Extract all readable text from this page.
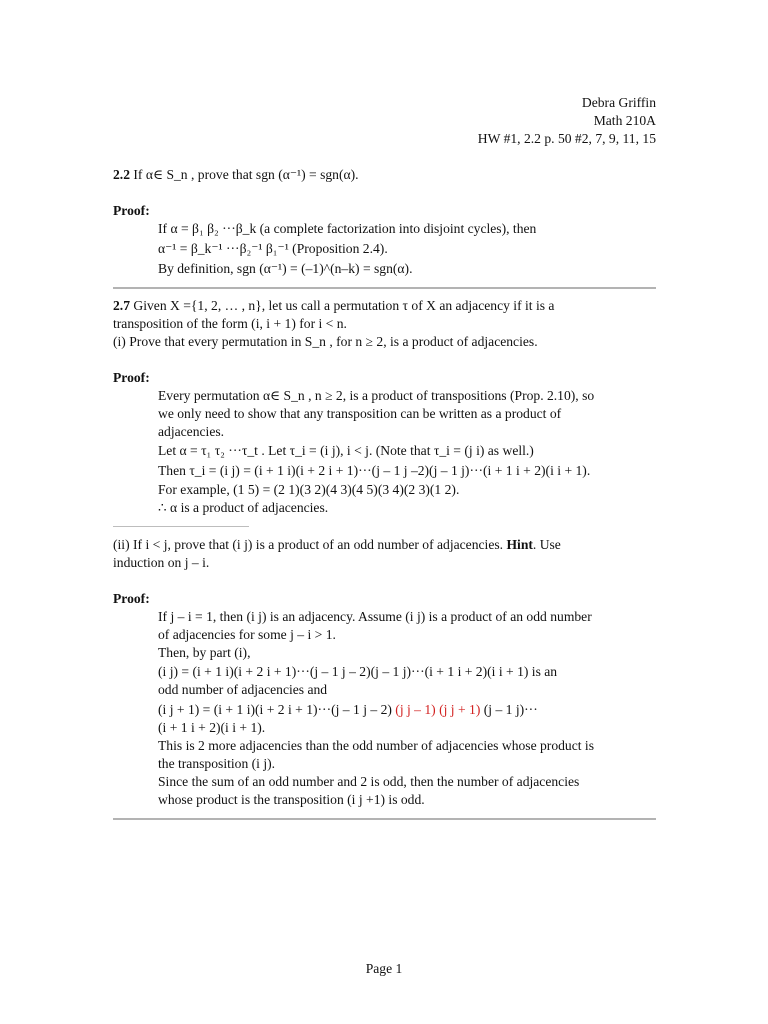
Debra Griffin
Math 210A
HW #1, 2.2 p. 50 #2, 7, 9, 11, 15
2.2 If α∈ S_n , prove that sgn (α⁻¹) = sgn(α).
Proof:
If α = β₁ β₂ ···β_k (a complete factorization into disjoint cycles), then
α⁻¹ = β_k⁻¹ ···β₂⁻¹ β₁⁻¹ (Proposition 2.4).
By definition, sgn (α⁻¹) = (–1)^(n–k) = sgn(α).
2.7 Given X ={1, 2, … , n}, let us call a permutation τ of X an adjacency if it is a
transposition of the form (i, i + 1) for i < n.
(i) Prove that every permutation in S_n , for n ≥ 2, is a product of adjacencies.
Proof:
Every permutation α∈ S_n , n ≥ 2, is a product of transpositions (Prop. 2.10), so
we only need to show that any transposition can be written as a product of
adjacencies.
Let α = τ₁ τ₂ ···τ_t . Let τ_i = (i j), i < j. (Note that τ_i = (j i) as well.)
Then τ_i = (i j) = (i + 1 i)(i + 2 i + 1)···(j – 1 j –2)(j – 1 j)···(i + 1 i + 2)(i i + 1).
For example, (1 5) = (2 1)(3 2)(4 3)(4 5)(3 4)(2 3)(1 2).
∴ α is a product of adjacencies.
(ii) If i < j, prove that (i j) is a product of an odd number of adjacencies. Hint. Use
induction on j – i.
Proof:
If j – i = 1, then (i j) is an adjacency. Assume (i j) is a product of an odd number
of adjacencies for some j – i > 1.
Then, by part (i),
(i j) = (i + 1 i)(i + 2 i + 1)···(j – 1 j – 2)(j – 1 j)···(i + 1 i + 2)(i i + 1) is an
odd number of adjacencies and
(i j + 1) = (i + 1 i)(i + 2 i + 1)···(j – 1 j – 2) (j j – 1) (j j + 1) (j – 1 j)···
(i + 1 i + 2)(i i + 1).
This is 2 more adjacencies than the odd number of adjacencies whose product is
the transposition (i j).
Since the sum of an odd number and 2 is odd, then the number of adjacencies
whose product is the transposition (i j +1) is odd.
Page 1
